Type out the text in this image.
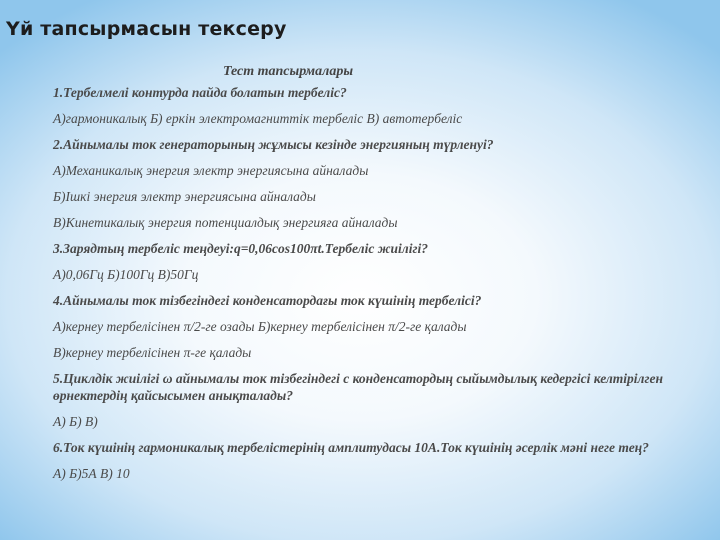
Үй тапсырмасын тексеру
Тест тапсырмалары
1.Тербелмелі контурда пайда болатын тербеліс?
А)гармоникалық Б) еркін электромагниттік тербеліс В) автотербеліс
2.Айнымалы ток генераторының жұмысы кезінде энергияның түрленуі?
А)Механикалық энергия электр энергиясына айналады
Б)Ішкі энергия электр энергиясына айналады
В)Кинетикалық энергия потенциалдық энергияға айналады
3.Зарядтың тербеліс теңдеуі:q=0,06cos100πt.Тербеліс жиілігі?
А)0,06Гц Б)100Гц В)50Гц
4.Айнымалы ток тізбегіндегі конденсатордағы ток күшінің тербелісі?
А)кернеу тербелісінен π/2-ге озады Б)кернеу тербелісінен π/2-ге қалады
В)кернеу тербелісінен π-ге қалады
5.Циклдік жиілігі ω айнымалы ток тізбегіндегі с конденсатордың сыйымдылық кедергісі келтірілген өрнектердің қайсысымен анықталады?
А) Б) В)
6.Ток күшінің гармоникалық тербелістерінің амплитудасы 10А.Ток күшінің әсерлік мәні неге тең?
А) Б)5А В) 10
